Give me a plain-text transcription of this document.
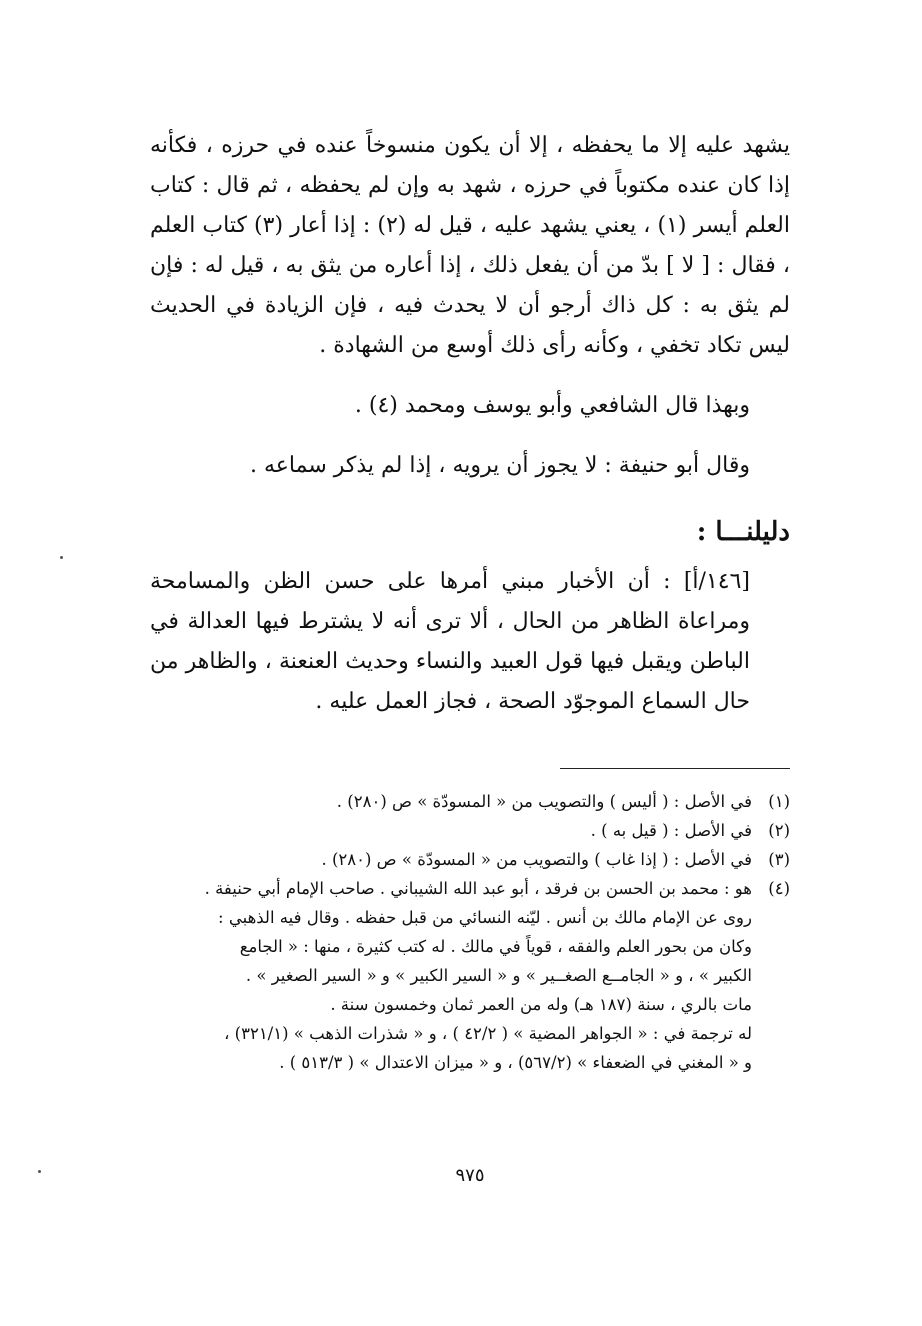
يشهد عليه إلا ما يحفظه ، إلا أن يكون منسوخاً عنده في حرزه ، فكأنه إذا كان عنده مكتوباً في حرزه ، شهد به وإن لم يحفظه ، ثم قال : كتاب العلم أيسر (١) ، يعني يشهد عليه ، قيل له (٢) : إذا أعار (٣) كتاب العلم ، فقال : [ لا ] بدّ من أن يفعل ذلك ، إذا أعاره من يثق به ، قيل له : فإن لم يثق به : كل ذاك أرجو أن لا يحدث فيه ، فإن الزيادة في الحديث ليس تكاد تخفي ، وكأنه رأى ذلك أوسع من الشهادة .

وبهذا قال الشافعي وأبو يوسف ومحمد (٤) .

وقال أبو حنيفة : لا يجوز أن يرويه ، إذا لم يذكر سماعه .

دليلنـــا :

[١٤٦/أ] : أن الأخبار مبني أمرها على حسن الظن والمسامحة ومراعاة الظاهر من الحال ، ألا ترى أنه لا يشترط فيها العدالة في الباطن ويقبل فيها قول العبيد والنساء وحديث العنعنة ، والظاهر من حال السماع الموجوّد الصحة ، فجاز العمل عليه .

(١)
في الأصل : ( أليس ) والتصويب من « المسودّة » ص (٢٨٠) .
(٢)
في الأصل : ( قيل به ) .
(٣)
في الأصل : ( إذا غاب ) والتصويب من « المسودّة » ص (٢٨٠) .
(٤)
هو : محمد بن الحسن بن فرقد ، أبو عبد الله الشيباني . صاحب الإمام أبي حنيفة .
روى عن الإمام مالك بن أنس . ليّنه النسائي من قبل حفظه . وقال فيه الذهبي :
وكان من بحور العلم والفقه ، قوياً في مالك . له كتب كثيرة ، منها : « الجامع
الكبير » ، و « الجامــع الصغــير » و « السير الكبير » و « السير الصغير » .
مات بالري ، سنة (١٨٧ هـ) وله من العمر ثمان وخمسون سنة .
له ترجمة في : « الجواهر المضية » ( ٤٢/٢ ) ، و « شذرات الذهب » (٣٢١/١) ،
و « المغني في الضعفاء » (٥٦٧/٢) ، و « ميزان الاعتدال » ( ٥١٣/٣ ) .
٩٧٥
